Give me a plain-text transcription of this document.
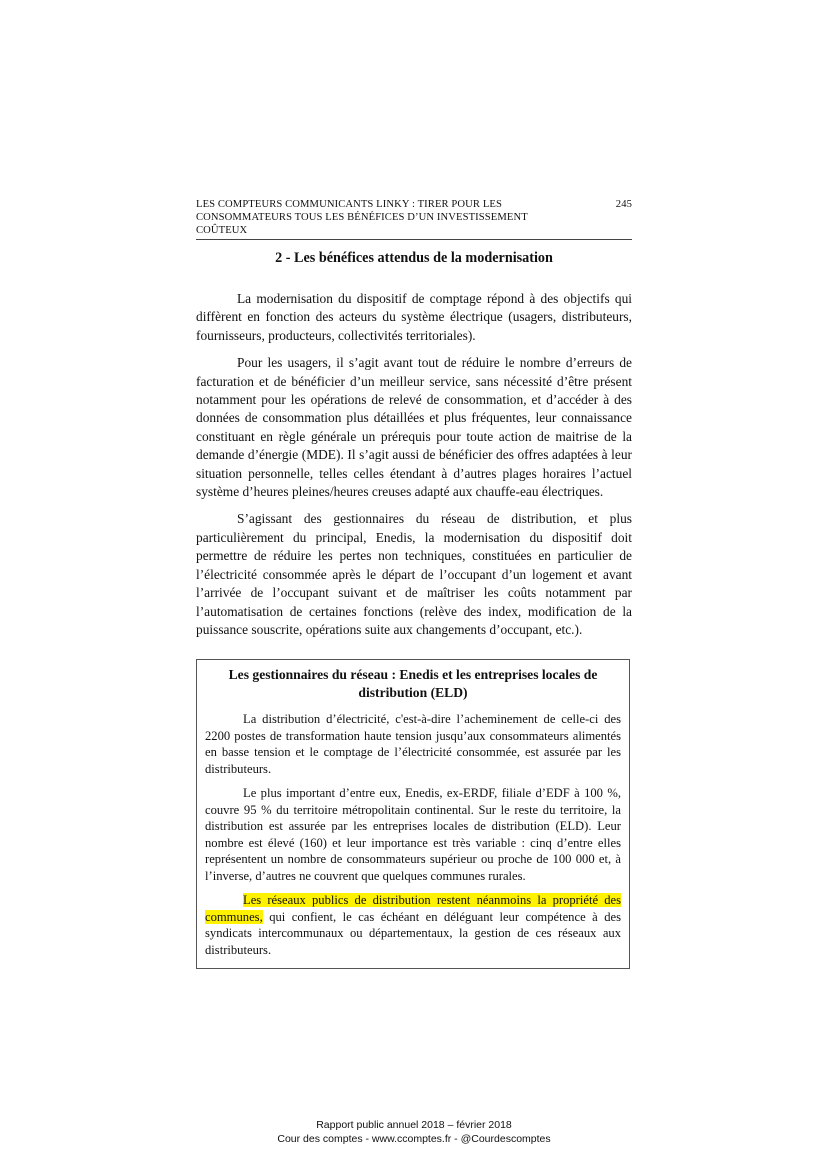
LES COMPTEURS COMMUNICANTS LINKY : TIRER POUR LES CONSOMMATEURS TOUS LES BÉNÉFICES D’UN INVESTISSEMENT COÛTEUX
245
2 - Les bénéfices attendus de la modernisation

La modernisation du dispositif de comptage répond à des objectifs qui diffèrent en fonction des acteurs du système électrique (usagers, distributeurs, fournisseurs, producteurs, collectivités territoriales).

Pour les usagers, il s’agit avant tout de réduire le nombre d’erreurs de facturation et de bénéficier d’un meilleur service, sans nécessité d’être présent notamment pour les opérations de relevé de consommation, et d’accéder à des données de consommation plus détaillées et plus fréquentes, leur connaissance constituant en règle générale un prérequis pour toute action de maitrise de la demande d’énergie (MDE). Il s’agit aussi de bénéficier des offres adaptées à leur situation personnelle, telles celles étendant à d’autres plages horaires l’actuel système d’heures pleines/heures creuses adapté aux chauffe-eau électriques.

S’agissant des gestionnaires du réseau de distribution, et plus particulièrement du principal, Enedis, la modernisation du dispositif doit permettre de réduire les pertes non techniques, constituées en particulier de l’électricité consommée après le départ de l’occupant d’un logement et avant l’arrivée de l’occupant suivant et de maîtriser les coûts notamment par l’automatisation de certaines fonctions (relève des index, modification de la puissance souscrite, opérations suite aux changements d’occupant, etc.).

Les gestionnaires du réseau : Enedis et les entreprises locales de distribution (ELD)

La distribution d’électricité, c'est-à-dire l’acheminement de celle-ci des 2200 postes de transformation haute tension jusqu’aux consommateurs alimentés en basse tension et le comptage de l’électricité consommée, est assurée par les distributeurs.

Le plus important d’entre eux, Enedis, ex-ERDF, filiale d’EDF à 100 %, couvre 95 % du territoire métropolitain continental. Sur le reste du territoire, la distribution est assurée par les entreprises locales de distribution (ELD). Leur nombre est élevé (160) et leur importance est très variable : cinq d’entre elles représentent un nombre de consommateurs supérieur ou proche de 100 000 et, à l’inverse, d’autres ne couvrent que quelques communes rurales.

Les réseaux publics de distribution restent néanmoins la propriété des communes, qui confient, le cas échéant en déléguant leur compétence à des syndicats intercommunaux ou départementaux, la gestion de ces réseaux aux distributeurs.

Rapport public annuel 2018 – février 2018
Cour des comptes - www.ccomptes.fr - @Courdescomptes
